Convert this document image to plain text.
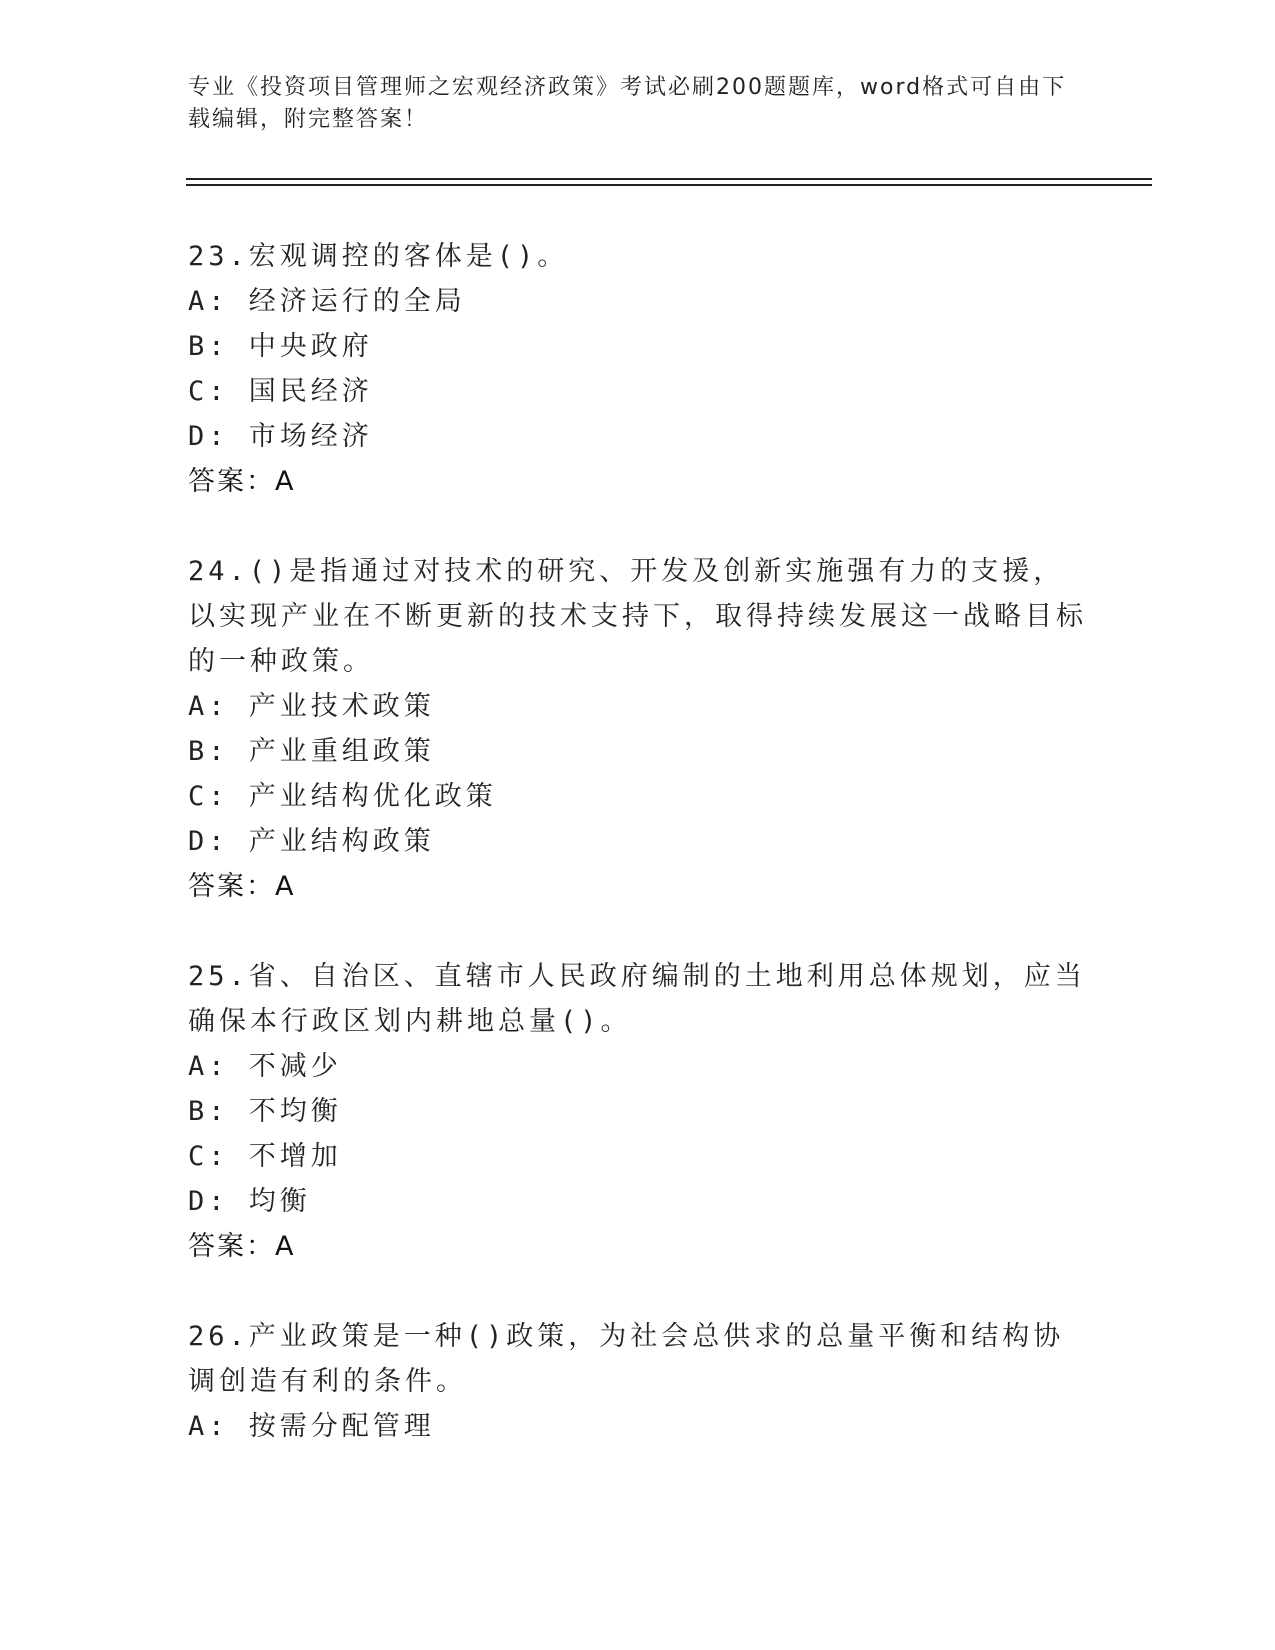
专业《投资项目管理师之宏观经济政策》考试必刷200题题库，word格式可自由下载编辑，附完整答案！

23.宏观调控的客体是()。

A: 经济运行的全局

B: 中央政府

C: 国民经济

D: 市场经济

答案：A

24.()是指通过对技术的研究、开发及创新实施强有力的支援，以实现产业在不断更新的技术支持下，取得持续发展这一战略目标的一种政策。

A: 产业技术政策

B: 产业重组政策

C: 产业结构优化政策

D: 产业结构政策

答案：A

25.省、自治区、直辖市人民政府编制的土地利用总体规划，应当确保本行政区划内耕地总量()。

A: 不减少

B: 不均衡

C: 不增加

D: 均衡

答案：A

26.产业政策是一种()政策，为社会总供求的总量平衡和结构协调创造有利的条件。

A: 按需分配管理
